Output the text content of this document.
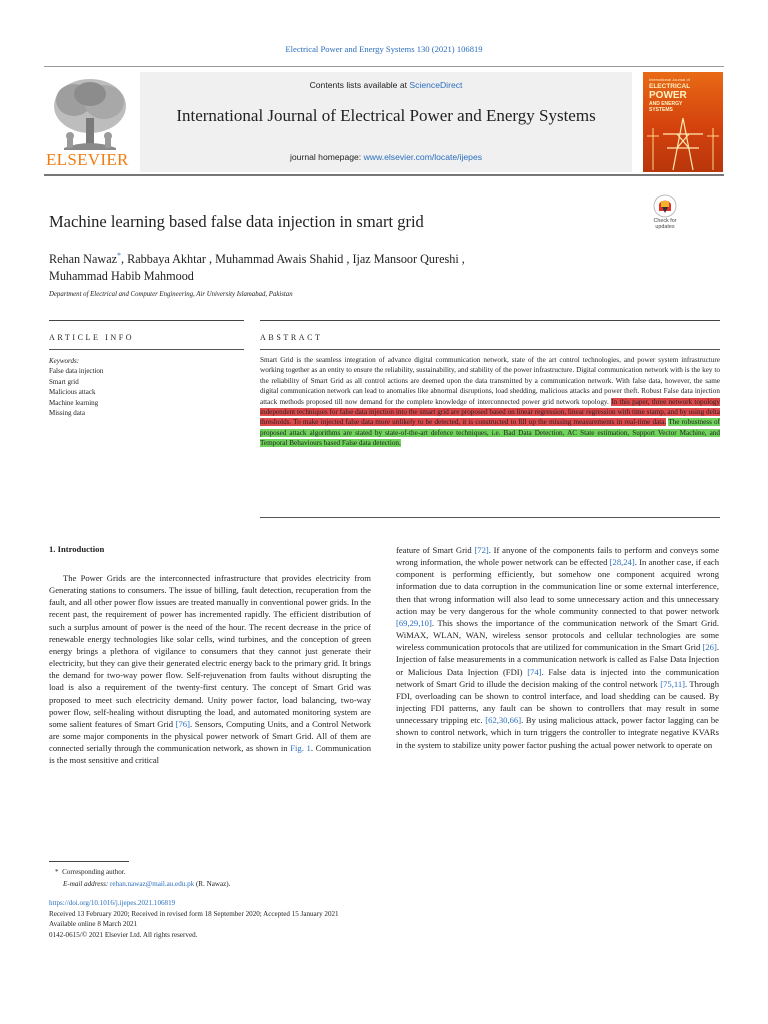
Electrical Power and Energy Systems 130 (2021) 106819
ELSEVIER
Contents lists available at ScienceDirect
International Journal of Electrical Power and Energy Systems
journal homepage: www.elsevier.com/locate/ijepes
International Journal of
ELECTRICAL
POWER
AND ENERGY
SYSTEMS
Machine learning based false data injection in smart grid	Check for
updates
Rehan Nawaz*, Rabbaya Akhtar , Muhammad Awais Shahid , Ijaz Mansoor Qureshi ,
Muhammad Habib Mahmood
Department of Electrical and Computer Engineering, Air University Islamabad, Pakistan
ARTICLE INFO	ABSTRACT
Keywords:
False data injection
Smart grid
Malicious attack
Machine learning
Missing data
Smart Grid is the seamless integration of advance digital communication network, state of the art control technologies, and power system infrastructure working together as an entity to ensure the reliability, sustainability, and stability of the power infrastructure. Digital communication network with is the key to the reliability of Smart Grid as all control actions are deemed upon the data transmitted by a communication network. With false data, however, the same digital communication network can lead to anomalies like abnormal disruptions, load shedding, malicious attacks and power theft. Robust False data injection attack methods proposed till now demand for the complete knowledge of interconnected power grid network topology. In this paper, three network topology independent techniques for false data injection into the smart grid are proposed based on linear regression, linear regression with time stamp, and by using delta thresholds. To make injected false data more unlikely to be detected, it is constructed to fill up the missing measurements in real-time data. The robustness of proposed attack algorithms are stated by state-of-the-art defence techniques, i.e. Bad Data Detection, AC State estimation, Support Vector Machine, and Temporal Behaviours based False data detection.
1. Introduction
The Power Grids are the interconnected infrastructure that provides electricity from Generating stations to consumers. The issue of billing, fault detection, recuperation from the fault, and all other power flow issues are treated manually in conventional power grids. In the recent past, the requirement of power has incremented rapidly. The efficient distribution of such a surplus amount of power is the need of the hour. The recent decrease in the price of renewable energy technologies like solar cells, wind turbines, and the conception of green energy brings a plethora of vigilance to consumers that they cannot just generate their electricity, but they can give their generated electric energy back to the primary grid. It brings the demand for two-way power flow. Self-rejuvenation from faults without disrupting the load is also a requirement of the twenty-first century. The concept of Smart Grid was proposed to meet such electricity demand. Unity power factor, load balancing, two-way power flow, self-healing without disrupting the load, and automated monitoring system are some salient features of Smart Grid [76]. Sensors, Computing Units, and a Control Network are some major components in the physical power network of Smart Grid. All of them are connected serially through the communication network, as shown in Fig. 1. Communication is the most sensitive and critical
feature of Smart Grid [72]. If anyone of the components fails to perform and conveys some wrong information, the whole power network can be effected [28,24]. In another case, if each component is performing efficiently, but somehow one component acquired wrong information due to data corruption in the communication line or some external interference, then that wrong information will also lead to some unnecessary action and this unnecessary action may be very dangerous for the whole community connected to that power network [69,29,10]. This shows the importance of the communication network of the Smart Grid. WiMAX, WLAN, WAN, wireless sensor protocols and cellular technologies are some wireless communication protocols that are utilized for communication in the Smart Grid [26]. Injection of false measurements in a communication network is called as False Data Injection or Malicious Data Injection (FDI) [74]. False data is injected into the communication network of Smart Grid to illude the decision making of the control network [75,11]. Through FDI, overloading can be shown to control interface, and load shedding can be caused. By injecting FDI patterns, any fault can be shown to controllers that may result in some unnecessary tripping etc. [62,30,66]. By using malicious attack, power factor lagging can be shown to control network, which in turn triggers the controller to integrate negative KVARs in the system to stabilize unity power factor pushing the actual power network to operate on
* Corresponding author.
E-mail address: rehan.nawaz@mail.au.edu.pk (R. Nawaz).
https://doi.org/10.1016/j.ijepes.2021.106819
Received 13 February 2020; Received in revised form 18 September 2020; Accepted 15 January 2021
Available online 8 March 2021
0142-0615/© 2021 Elsevier Ltd. All rights reserved.
